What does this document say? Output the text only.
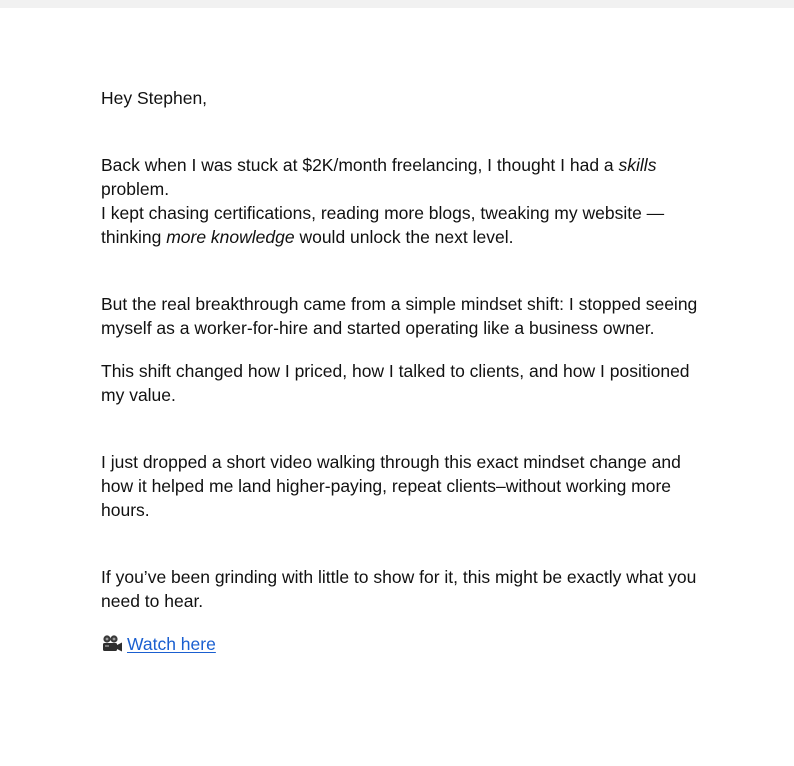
Hey Stephen,

Back when I was stuck at $2K/month freelancing, I thought I had a skills problem.
I kept chasing certifications, reading more blogs, tweaking my website —thinking more knowledge would unlock the next level.

But the real breakthrough came from a simple mindset shift: I stopped seeing myself as a worker-for-hire and started operating like a business owner.

This shift changed how I priced, how I talked to clients, and how I positioned my value.

I just dropped a short video walking through this exact mindset change and how it helped me land higher-paying, repeat clients–without working more hours.

If you’ve been grinding with little to show for it, this might be exactly what you need to hear.

Watch here
